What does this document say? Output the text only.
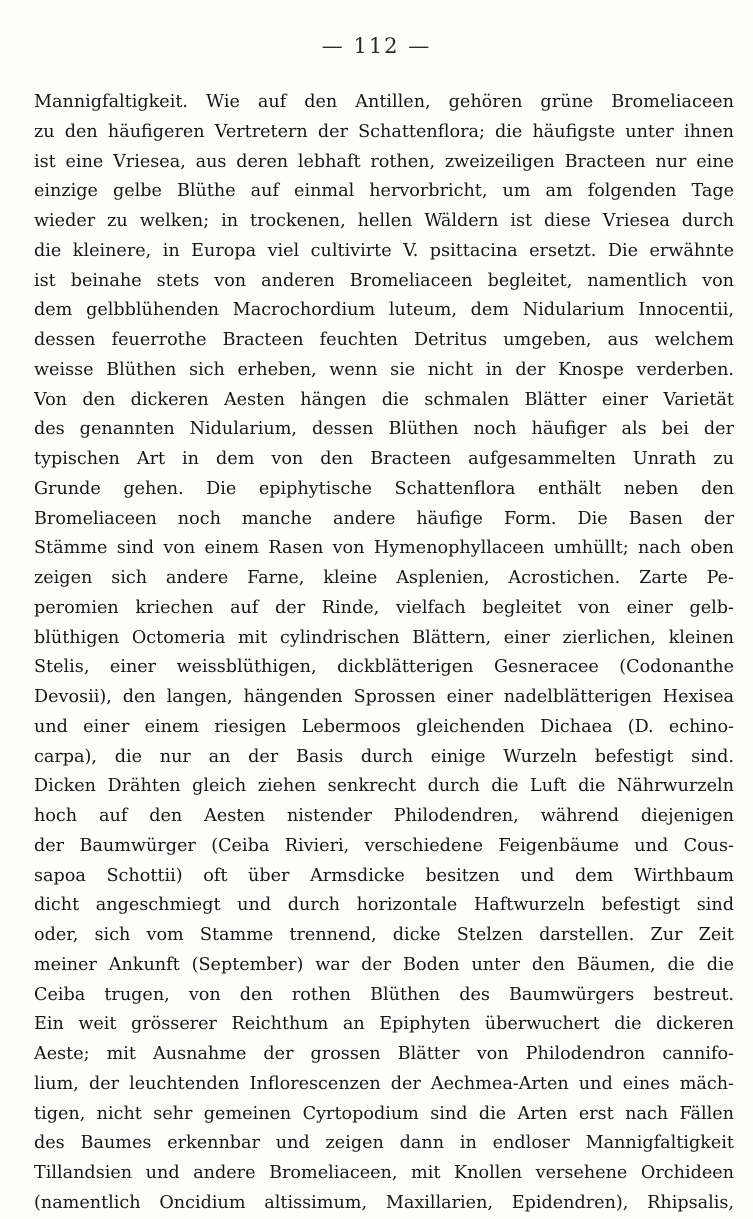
— 112 —
Mannigfaltigkeit. Wie auf den Antillen, gehören grüne Bromeliaceen
zu den häufigeren Vertretern der Schattenflora; die häufigste unter ihnen
ist eine Vriesea, aus deren lebhaft rothen, zweizeiligen Bracteen nur eine
einzige gelbe Blüthe auf einmal hervorbricht, um am folgenden Tage
wieder zu welken; in trockenen, hellen Wäldern ist diese Vriesea durch
die kleinere, in Europa viel cultivirte V. psittacina ersetzt. Die erwähnte
ist beinahe stets von anderen Bromeliaceen begleitet, namentlich von
dem gelbblühenden Macrochordium luteum, dem Nidularium Innocentii,
dessen feuerrothe Bracteen feuchten Detritus umgeben, aus welchem
weisse Blüthen sich erheben, wenn sie nicht in der Knospe verderben.
Von den dickeren Aesten hängen die schmalen Blätter einer Varietät
des genannten Nidularium, dessen Blüthen noch häufiger als bei der
typischen Art in dem von den Bracteen aufgesammelten Unrath zu
Grunde gehen. Die epiphytische Schattenflora enthält neben den
Bromeliaceen noch manche andere häufige Form. Die Basen der
Stämme sind von einem Rasen von Hymenophyllaceen umhüllt; nach oben
zeigen sich andere Farne, kleine Asplenien, Acrostichen. Zarte Pe-
peromien kriechen auf der Rinde, vielfach begleitet von einer gelb-
blüthigen Octomeria mit cylindrischen Blättern, einer zierlichen, kleinen
Stelis, einer weissblüthigen, dickblätterigen Gesneracee (Codonanthe
Devosii), den langen, hängenden Sprossen einer nadelblätterigen Hexisea
und einer einem riesigen Lebermoos gleichenden Dichaea (D. echino-
carpa), die nur an der Basis durch einige Wurzeln befestigt sind.
Dicken Drähten gleich ziehen senkrecht durch die Luft die Nährwurzeln
hoch auf den Aesten nistender Philodendren, während diejenigen
der Baumwürger (Ceiba Rivieri, verschiedene Feigenbäume und Cous-
sapoa Schottii) oft über Armsdicke besitzen und dem Wirthbaum
dicht angeschmiegt und durch horizontale Haftwurzeln befestigt sind
oder, sich vom Stamme trennend, dicke Stelzen darstellen. Zur Zeit
meiner Ankunft (September) war der Boden unter den Bäumen, die die
Ceiba trugen, von den rothen Blüthen des Baumwürgers bestreut.
Ein weit grösserer Reichthum an Epiphyten überwuchert die dickeren
Aeste; mit Ausnahme der grossen Blätter von Philodendron cannifo-
lium, der leuchtenden Inflorescenzen der Aechmea-Arten und eines mäch-
tigen, nicht sehr gemeinen Cyrtopodium sind die Arten erst nach Fällen
des Baumes erkennbar und zeigen dann in endloser Mannigfaltigkeit
Tillandsien und andere Bromeliaceen, mit Knollen versehene Orchideen
(namentlich Oncidium altissimum, Maxillarien, Epidendren), Rhipsalis,
